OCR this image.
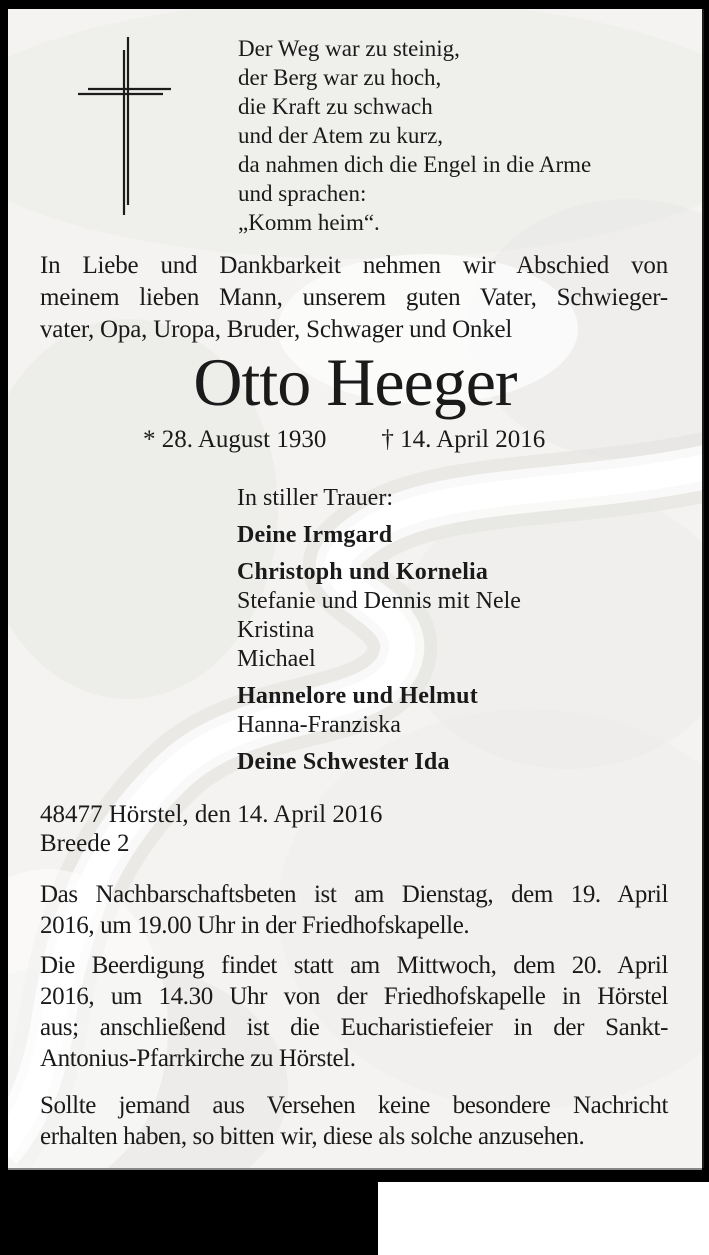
Der Weg war zu steinig,
der Berg war zu hoch,
die Kraft zu schwach
und der Atem zu kurz,
da nahmen dich die Engel in die Arme
und sprachen:
„Komm heim“.
In Liebe und Dankbarkeit nehmen wir Abschied von
meinem lieben Mann, unserem guten Vater, Schwieger-
vater, Opa, Uropa, Bruder, Schwager und Onkel
Otto Heeger
* 28. August 1930 † 14. April 2016
In stiller Trauer:
Deine Irmgard
Christoph und Kornelia
Stefanie und Dennis mit Nele
Kristina
Michael
Hannelore und Helmut
Hanna-Franziska
Deine Schwester Ida
48477 Hörstel, den 14. April 2016
Breede 2
Das Nachbarschaftsbeten ist am Dienstag, dem 19. April
2016, um 19.00 Uhr in der Friedhofskapelle.
Die Beerdigung findet statt am Mittwoch, dem 20. April
2016, um 14.30 Uhr von der Friedhofskapelle in Hörstel
aus; anschließend ist die Eucharistiefeier in der Sankt-
Antonius-Pfarrkirche zu Hörstel.
Sollte jemand aus Versehen keine besondere Nachricht
erhalten haben, so bitten wir, diese als solche anzusehen.
